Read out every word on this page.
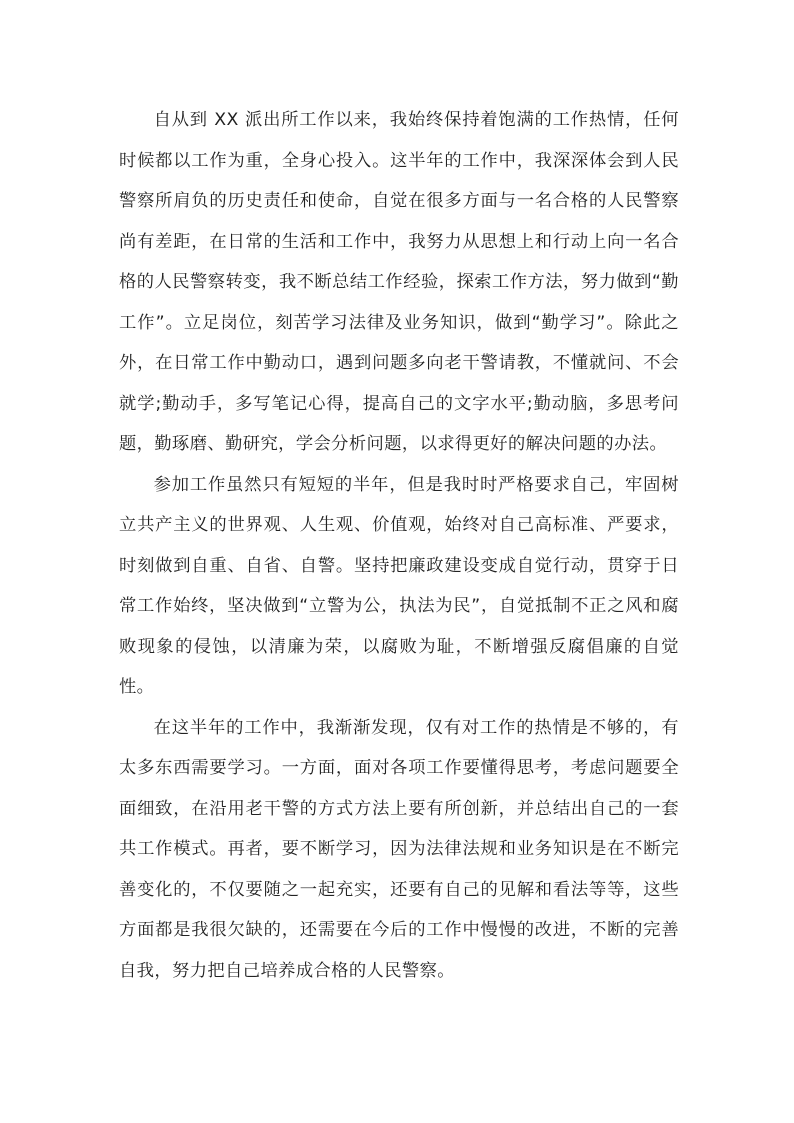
自从到 XX 派出所工作以来，我始终保持着饱满的工作热情，任何时候都以工作为重，全身心投入。这半年的工作中，我深深体会到人民警察所肩负的历史责任和使命，自觉在很多方面与一名合格的人民警察尚有差距，在日常的生活和工作中，我努力从思想上和行动上向一名合格的人民警察转变，我不断总结工作经验，探索工作方法，努力做到“勤工作”。立足岗位，刻苦学习法律及业务知识，做到“勤学习”。除此之外，在日常工作中勤动口，遇到问题多向老干警请教，不懂就问、不会就学;勤动手，多写笔记心得，提高自己的文字水平;勤动脑，多思考问题，勤琢磨、勤研究，学会分析问题，以求得更好的解决问题的办法。

参加工作虽然只有短短的半年，但是我时时严格要求自己，牢固树立共产主义的世界观、人生观、价值观，始终对自己高标准、严要求，时刻做到自重、自省、自警。坚持把廉政建设变成自觉行动，贯穿于日常工作始终，坚决做到“立警为公，执法为民”，自觉抵制不正之风和腐败现象的侵蚀，以清廉为荣，以腐败为耻，不断增强反腐倡廉的自觉性。

在这半年的工作中，我渐渐发现，仅有对工作的热情是不够的，有太多东西需要学习。一方面，面对各项工作要懂得思考，考虑问题要全面细致，在沿用老干警的方式方法上要有所创新，并总结出自己的一套共工作模式。再者，要不断学习，因为法律法规和业务知识是在不断完善变化的，不仅要随之一起充实，还要有自己的见解和看法等等，这些方面都是我很欠缺的，还需要在今后的工作中慢慢的改进，不断的完善自我，努力把自己培养成合格的人民警察。
